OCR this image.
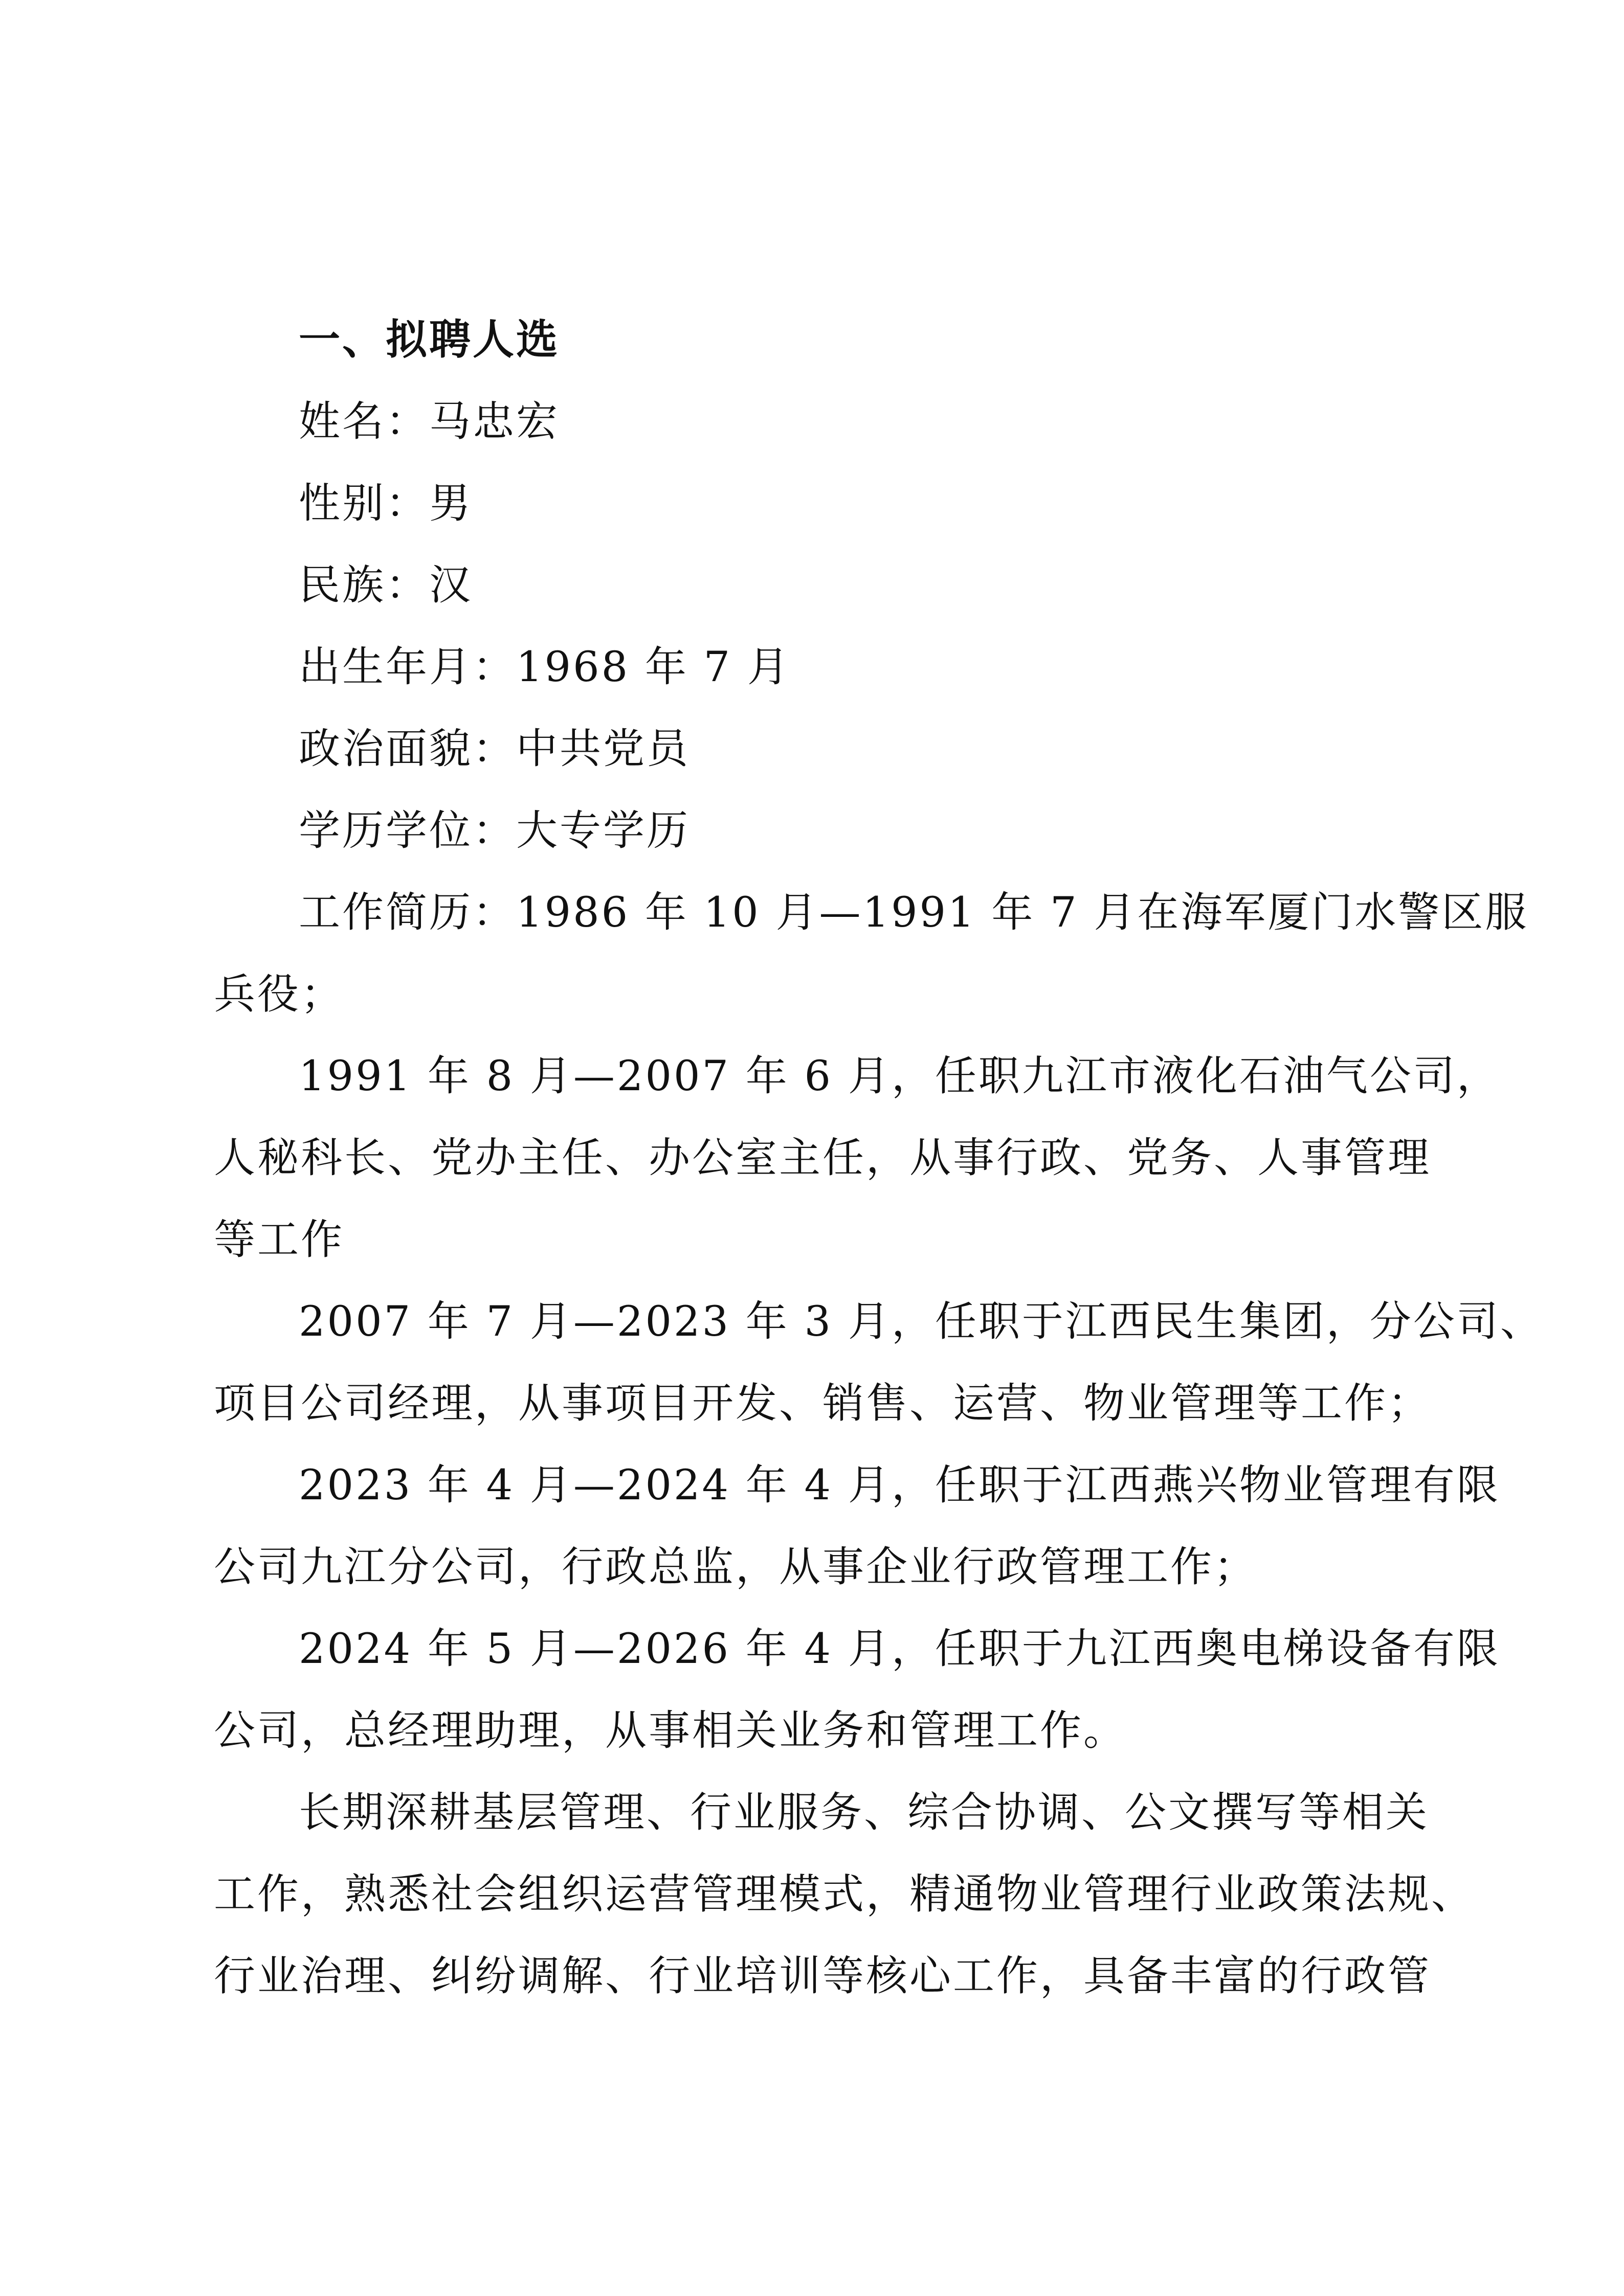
一、拟聘人选
姓名：马忠宏
性别：男
民族：汉
出生年月：1968 年 7 月
政治面貌：中共党员
学历学位：大专学历
工作简历：1986 年 10 月—1991 年 7 月在海军厦门水警区服
兵役；
1991 年 8 月—2007 年 6 月，任职九江市液化石油气公司，
人秘科长、党办主任、办公室主任，从事行政、党务、人事管理
等工作
2007 年 7 月—2023 年 3 月，任职于江西民生集团，分公司、
项目公司经理，从事项目开发、销售、运营、物业管理等工作；
2023 年 4 月—2024 年 4 月，任职于江西燕兴物业管理有限
公司九江分公司，行政总监，从事企业行政管理工作；
2024 年 5 月—2026 年 4 月，任职于九江西奥电梯设备有限
公司，总经理助理，从事相关业务和管理工作。
长期深耕基层管理、行业服务、综合协调、公文撰写等相关
工作，熟悉社会组织运营管理模式，精通物业管理行业政策法规、
行业治理、纠纷调解、行业培训等核心工作，具备丰富的行政管
